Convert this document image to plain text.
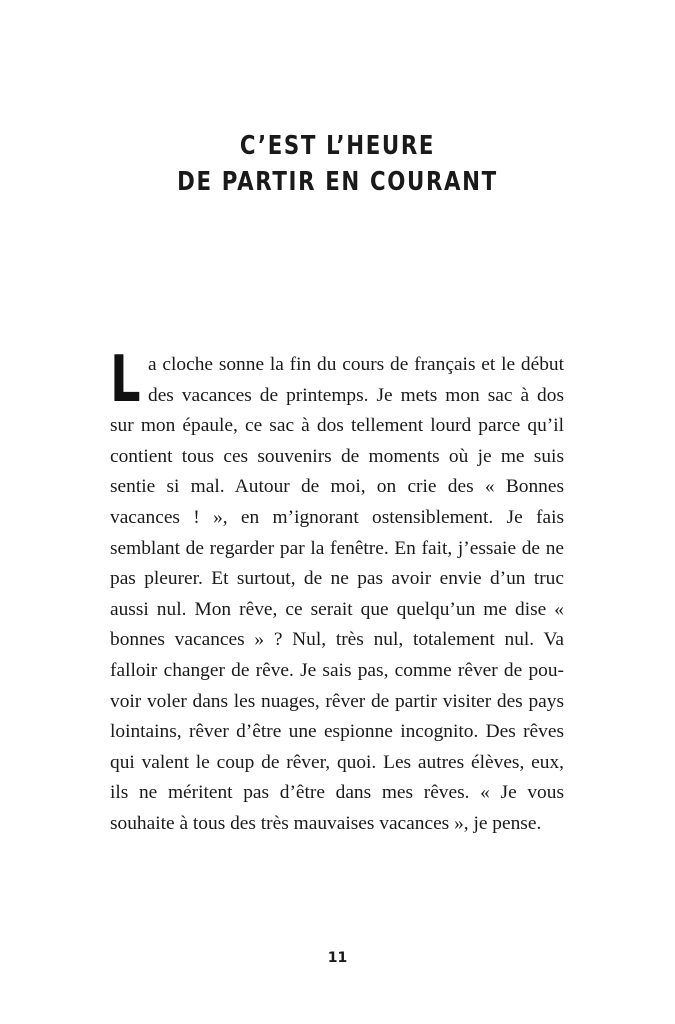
C’EST L’HEURE
DE PARTIR EN COURANT

L a cloche sonne la fin du cours de français et le début des vacances de printemps. Je mets mon sac à dos sur mon épaule, ce sac à dos tellement lourd parce qu’il contient tous ces souvenirs de moments où je me suis sentie si mal. Autour de moi, on crie des « Bonnes vacances ! », en m’ignorant ostensiblement. Je fais semblant de regarder par la fenêtre. En fait, j’essaie de ne pas pleurer. Et surtout, de ne pas avoir envie d’un truc aussi nul. Mon rêve, ce serait que quelqu’un me dise « bonnes vacances » ? Nul, très nul, totalement nul. Va falloir changer de rêve. Je sais pas, comme rêver de pouvoir voler dans les nuages, rêver de partir visiter des pays lointains, rêver d’être une espionne incognito. Des rêves qui valent le coup de rêver, quoi. Les autres élèves, eux, ils ne méritent pas d’être dans mes rêves. « Je vous souhaite à tous des très mauvaises vacances », je pense.

11
